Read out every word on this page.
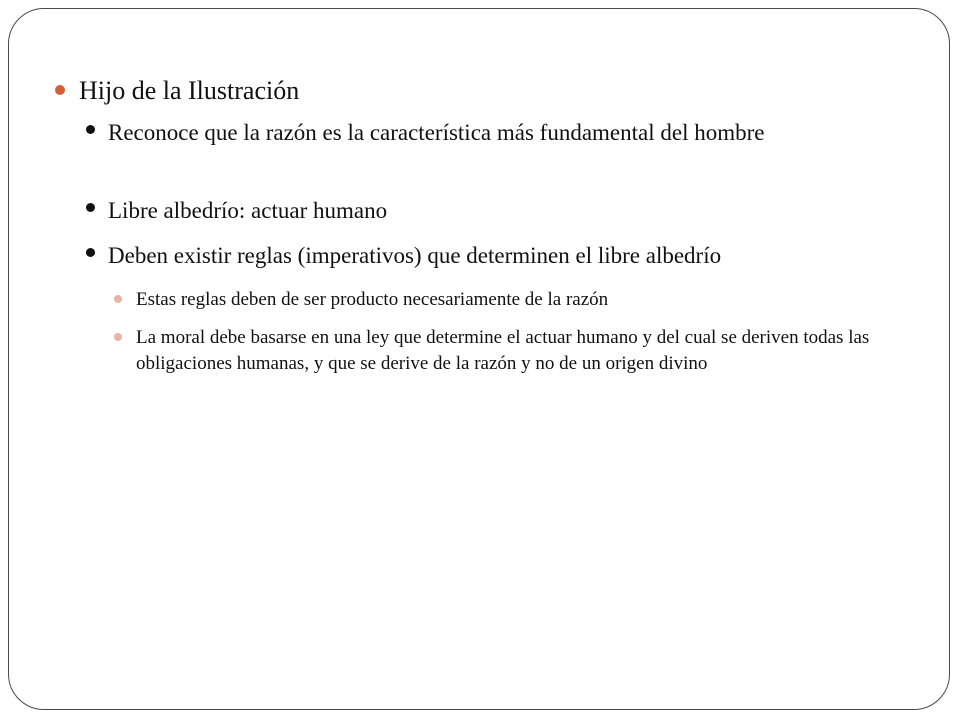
Hijo de la Ilustración
Reconoce que la razón es la característica más fundamental del hombre
Libre albedrío: actuar humano
Deben existir reglas (imperativos) que determinen el libre albedrío
Estas reglas deben de ser producto necesariamente de la razón
La moral debe basarse en una ley que determine el actuar humano y del cual se deriven todas las obligaciones humanas, y que se derive de la razón y no de un origen divino
